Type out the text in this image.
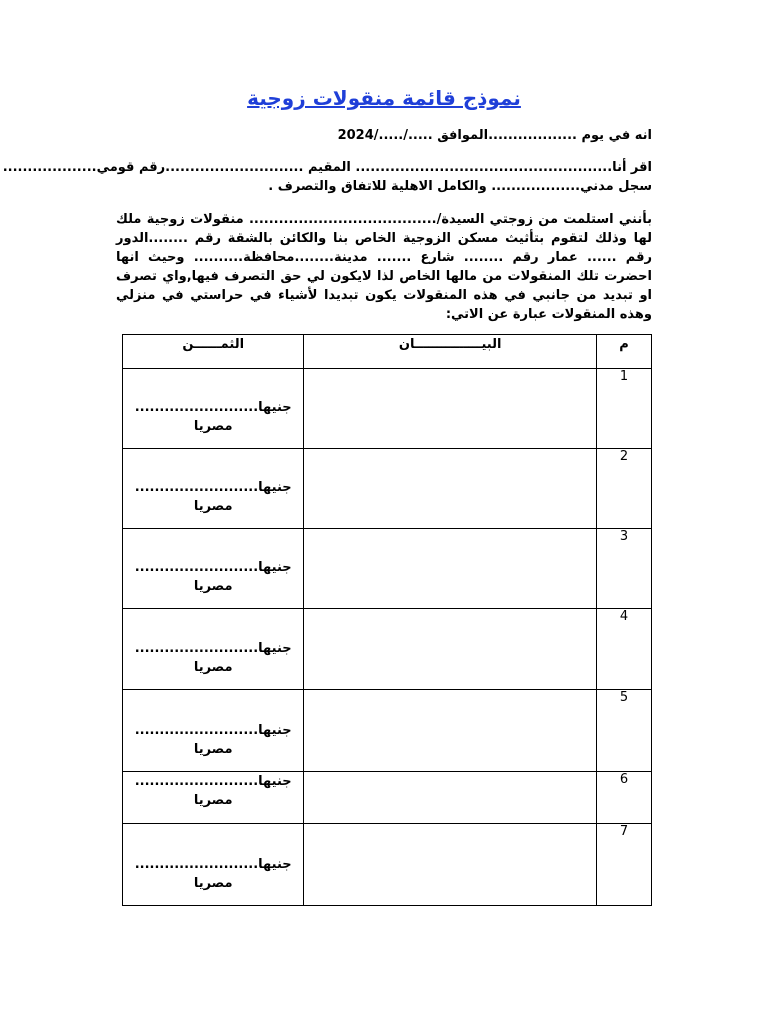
نموذج قائمة منقولات زوجية
انه في يوم ..................الموافق ...../...../2024
اقر أنا.................................................... المقيم ............................رقم قومي...................
سجل مدني.................. والكامل الاهلية للاتفاق والتصرف .
بأنني استلمت من زوجتي السيدة/...................................... منقولات زوجية ملك لها وذلك لتقوم بتأثيث مسكن الزوجية الخاص بنا والكائن بالشقة رقم ........الدور رقم ...... عمار رقم ........ شارع ....... مدينة........محافظة.......... وحيث انها احضرت تلك المنقولات من مالها الخاص لذا لايكون لي حق التصرف فيها,واي تصرف او تبديد من جانبي في هذه المنقولات يكون تبديدا لأشياء في حراستي في منزلي وهذه المنقولات عبارة عن الاتي:
م	البيـــــــــــــــان	الثمــــــن
1		جنيها......................... مصريا

2		جنيها......................... مصريا

3		جنيها......................... مصريا

4		جنيها......................... مصريا

5		جنيها......................... مصريا

6		جنيها......................... مصريا

7		جنيها......................... مصريا
